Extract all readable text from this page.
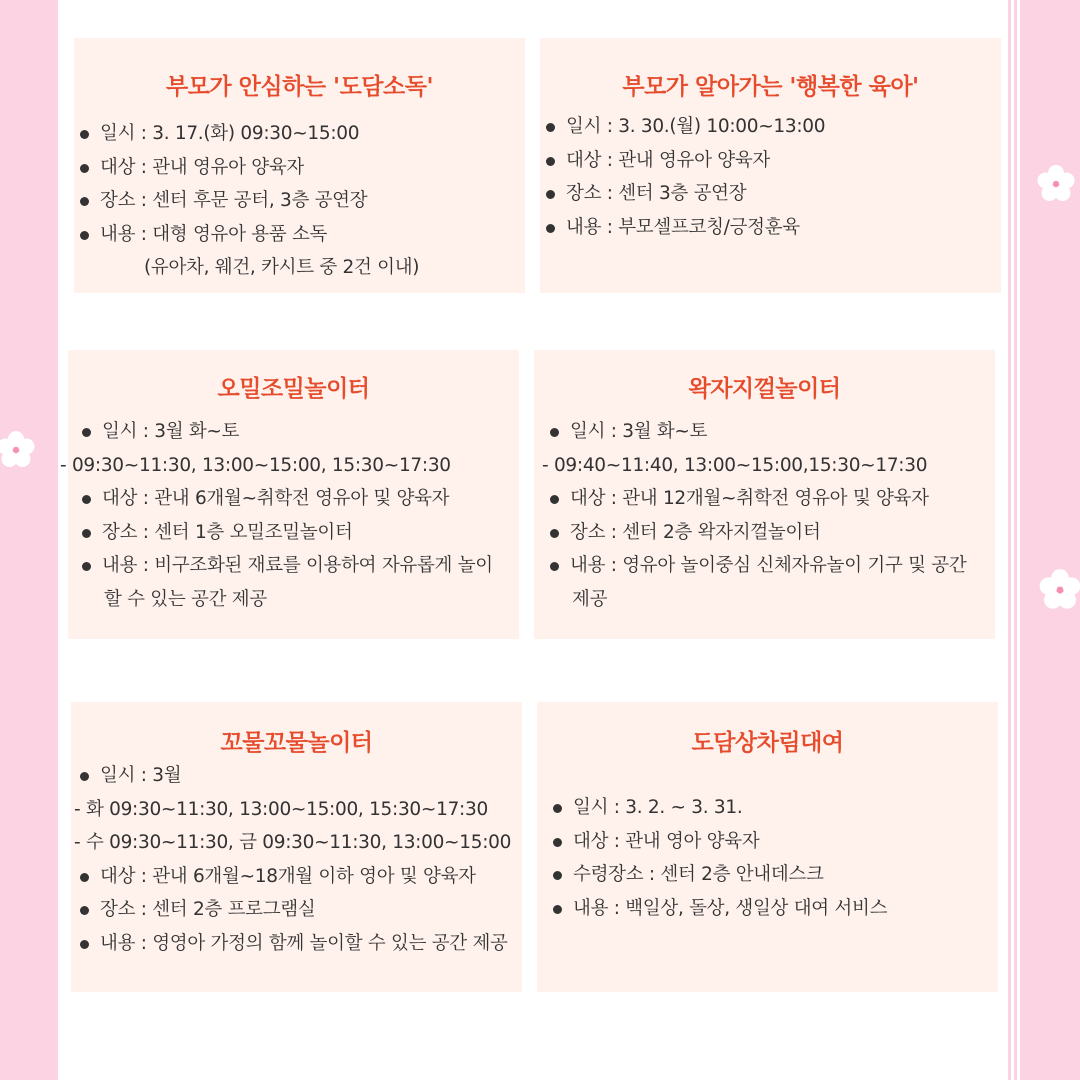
부모가 안심하는 '도담소독'
일시 : 3. 17.(화) 09:30~15:00
대상 : 관내 영유아 양육자
장소 : 센터 후문 공터, 3층 공연장
내용 : 대형 영유아 용품 소독
(유아차, 웨건, 카시트 중 2건 이내)
부모가 알아가는 '행복한 육아'
일시 : 3. 30.(월) 10:00~13:00
대상 : 관내 영유아 양육자
장소 : 센터 3층 공연장
내용 : 부모셀프코칭/긍정훈육
오밀조밀놀이터
일시 : 3월 화~토
- 09:30~11:30, 13:00~15:00, 15:30~17:30
대상 : 관내 6개월~취학전 영유아 및 양육자
장소 : 센터 1층 오밀조밀놀이터
내용 : 비구조화된 재료를 이용하여 자유롭게 놀이
할 수 있는 공간 제공
왁자지껄놀이터
일시 : 3월 화~토
- 09:40~11:40, 13:00~15:00,15:30~17:30
대상 : 관내 12개월~취학전 영유아 및 양육자
장소 : 센터 2층 왁자지껄놀이터
내용 : 영유아 놀이중심 신체자유놀이 기구 및 공간
제공
꼬물꼬물놀이터
일시 : 3월
- 화 09:30~11:30, 13:00~15:00, 15:30~17:30
- 수 09:30~11:30, 금 09:30~11:30, 13:00~15:00
대상 : 관내 6개월~18개월 이하 영아 및 양육자
장소 : 센터 2층 프로그램실
내용 : 영영아 가정의 함께 놀이할 수 있는 공간 제공
도담상차림대여
일시 : 3. 2. ~ 3. 31.
대상 : 관내 영아 양육자
수령장소 : 센터 2층 안내데스크
내용 : 백일상, 돌상, 생일상 대여 서비스
